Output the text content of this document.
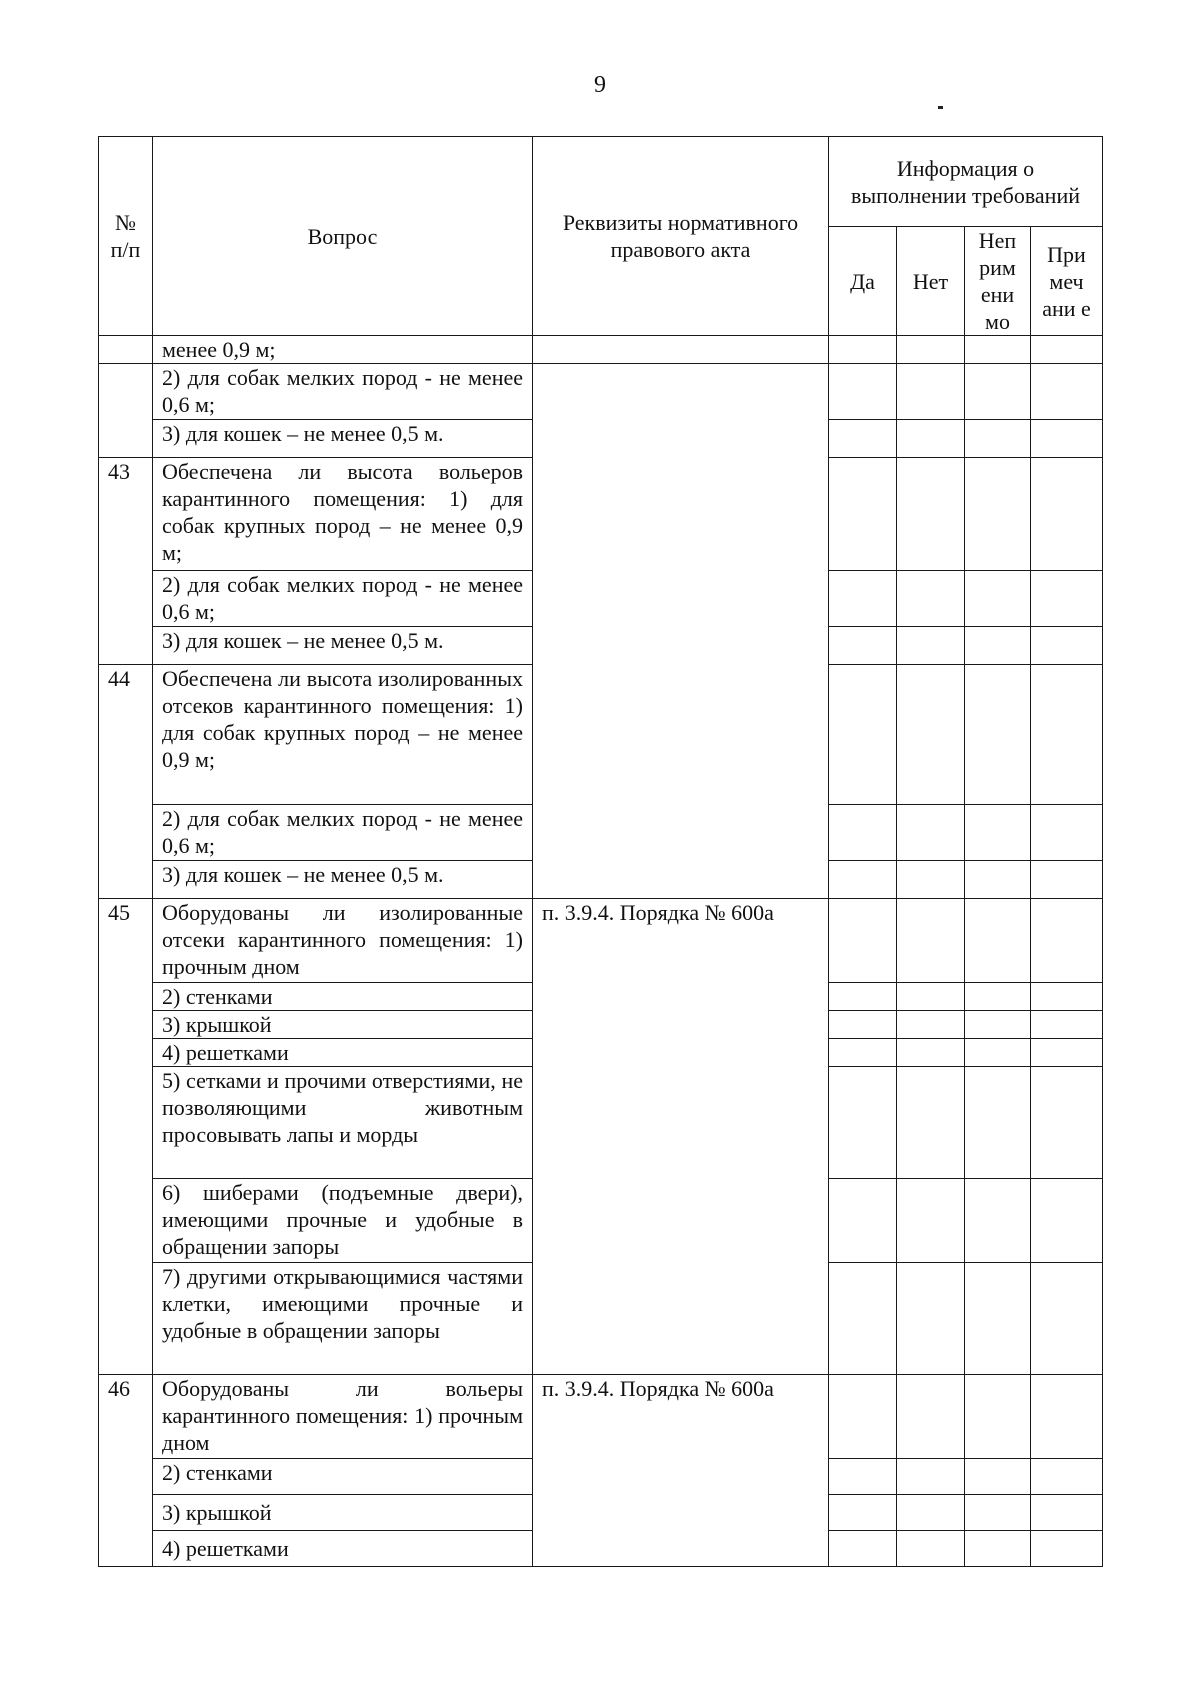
9
№ п/п	Вопрос	Реквизиты нормативного правового акта	Информация о выполнении требований			
			Да	Нет	Неп рим ени мо	При меч ани е
	менее 0,9 м;					
	2) для собак мелких пород - не менее 0,6 м;					
	3) для кошек – не менее 0,5 м.					
43	Обеспечена ли высота вольеров карантинного помещения: 1) для собак крупных пород – не менее 0,9 м;					
	2) для собак мелких пород - не менее 0,6 м;					
	3) для кошек – не менее 0,5 м.					
44	Обеспечена ли высота изолированных отсеков карантинного помещения: 1) для собак крупных пород – не менее 0,9 м;					
	2) для собак мелких пород - не менее 0,6 м;					
	3) для кошек – не менее 0,5 м.					
45	Оборудованы ли изолированные отсеки карантинного помещения: 1) прочным дном	п. 3.9.4. Порядка № 600а				
	2) стенками					
	3) крышкой					
	4) решетками					
	5) сетками и прочими отверстиями, не позволяющими животным просовывать лапы и морды					
	6) шиберами (подъемные двери), имеющими прочные и удобные в обращении запоры					
	7) другими открывающимися частями клетки, имеющими прочные и удобные в обращении запоры					
46	Оборудованы ли вольеры карантинного помещения: 1) прочным дном	п. 3.9.4. Порядка № 600а				
	2) стенками					
	3) крышкой					
	4) решетками					
